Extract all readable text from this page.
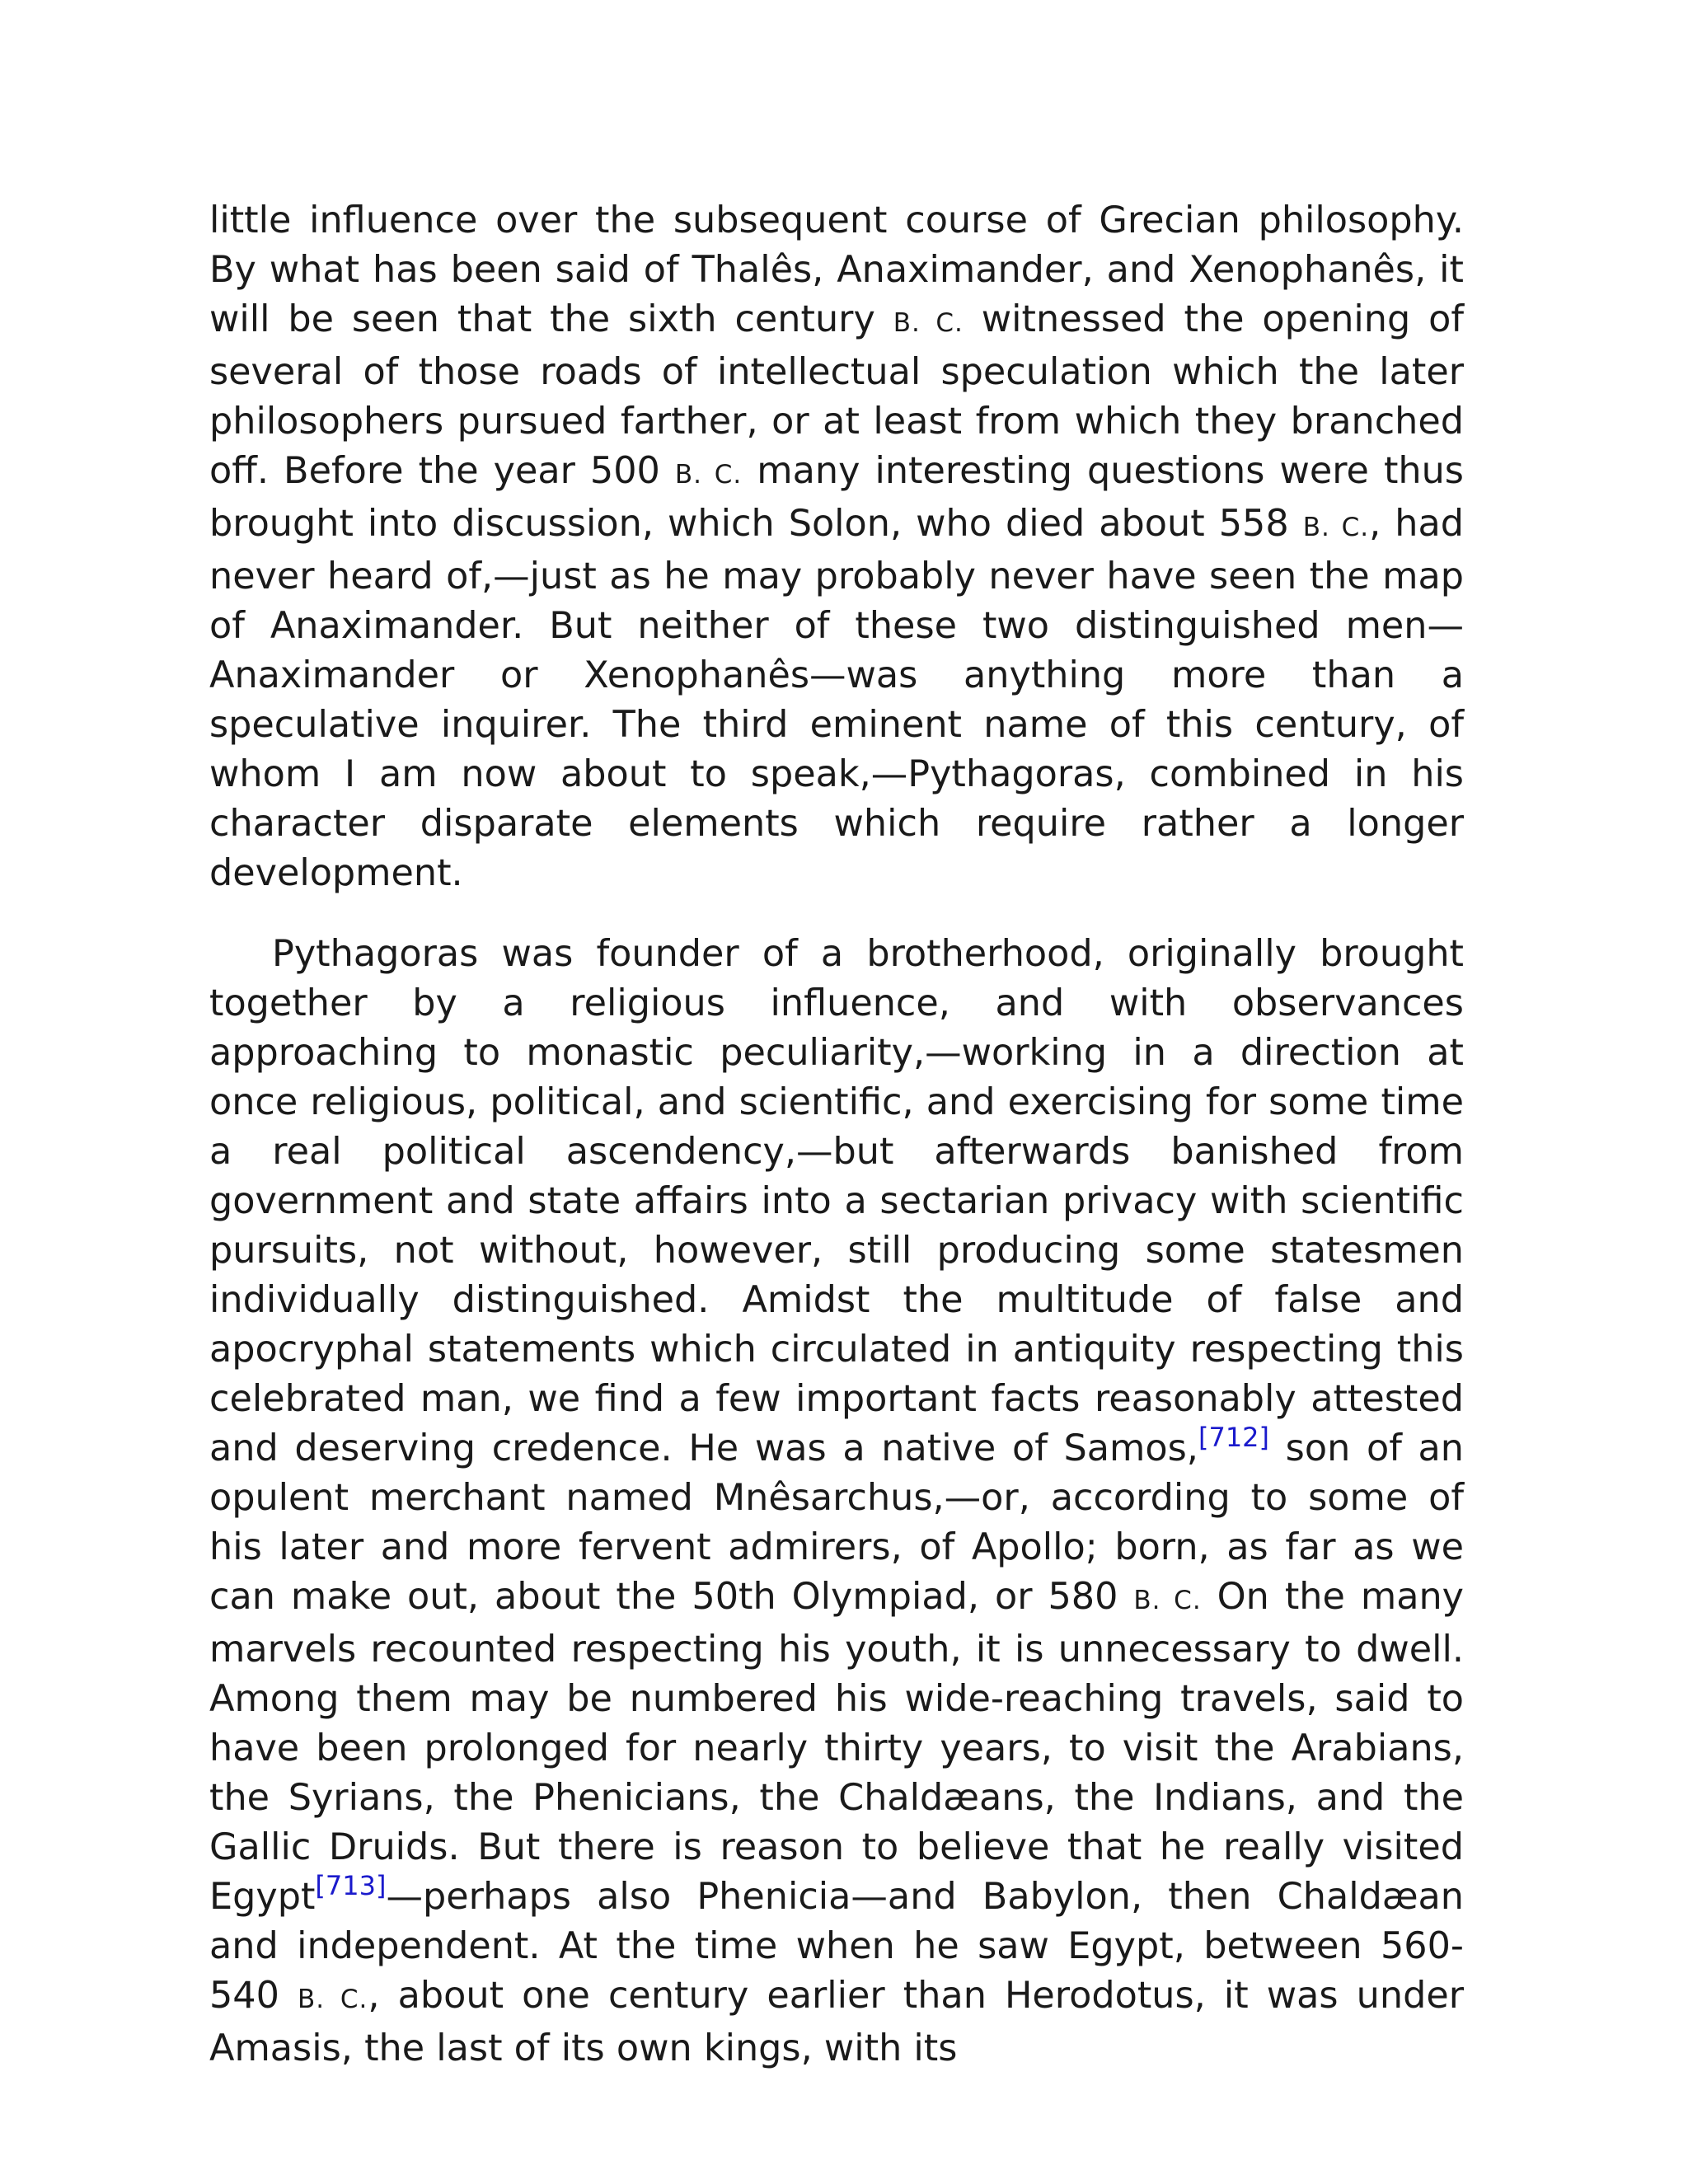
little influence over the subsequent course of Grecian philosophy. By what has been said of Thalês, Anaximander, and Xenophanês, it will be seen that the sixth century B. C. witnessed the opening of several of those roads of intellectual speculation which the later philosophers pursued farther, or at least from which they branched off. Before the year 500 B. C. many interesting questions were thus brought into discussion, which Solon, who died about 558 B. C., had never heard of,—just as he may probably never have seen the map of Anaximander. But neither of these two distinguished men—Anaximander or Xenophanês—was anything more than a speculative inquirer. The third eminent name of this century, of whom I am now about to speak,—Pythagoras, combined in his character disparate elements which require rather a longer development.

Pythagoras was founder of a brotherhood, originally brought together by a religious influence, and with observances approaching to monastic peculiarity,—working in a direction at once religious, political, and scientific, and exercising for some time a real political ascendency,—but afterwards banished from government and state affairs into a sectarian privacy with scientific pursuits, not without, however, still producing some statesmen individually distinguished. Amidst the multitude of false and apocryphal statements which circulated in antiquity respecting this celebrated man, we find a few important facts reasonably attested and deserving credence. He was a native of Samos,[712] son of an opulent merchant named Mnêsarchus,—or, according to some of his later and more fervent admirers, of Apollo; born, as far as we can make out, about the 50th Olympiad, or 580 B. C. On the many marvels recounted respecting his youth, it is unnecessary to dwell. Among them may be numbered his wide-reaching travels, said to have been prolonged for nearly thirty years, to visit the Arabians, the Syrians, the Phenicians, the Chaldæans, the Indians, and the Gallic Druids. But there is reason to believe that he really visited Egypt[713]—perhaps also Phenicia—and Babylon, then Chaldæan and independent. At the time when he saw Egypt, between 560-540 B. C., about one century earlier than Herodotus, it was under Amasis, the last of its own kings, with its
